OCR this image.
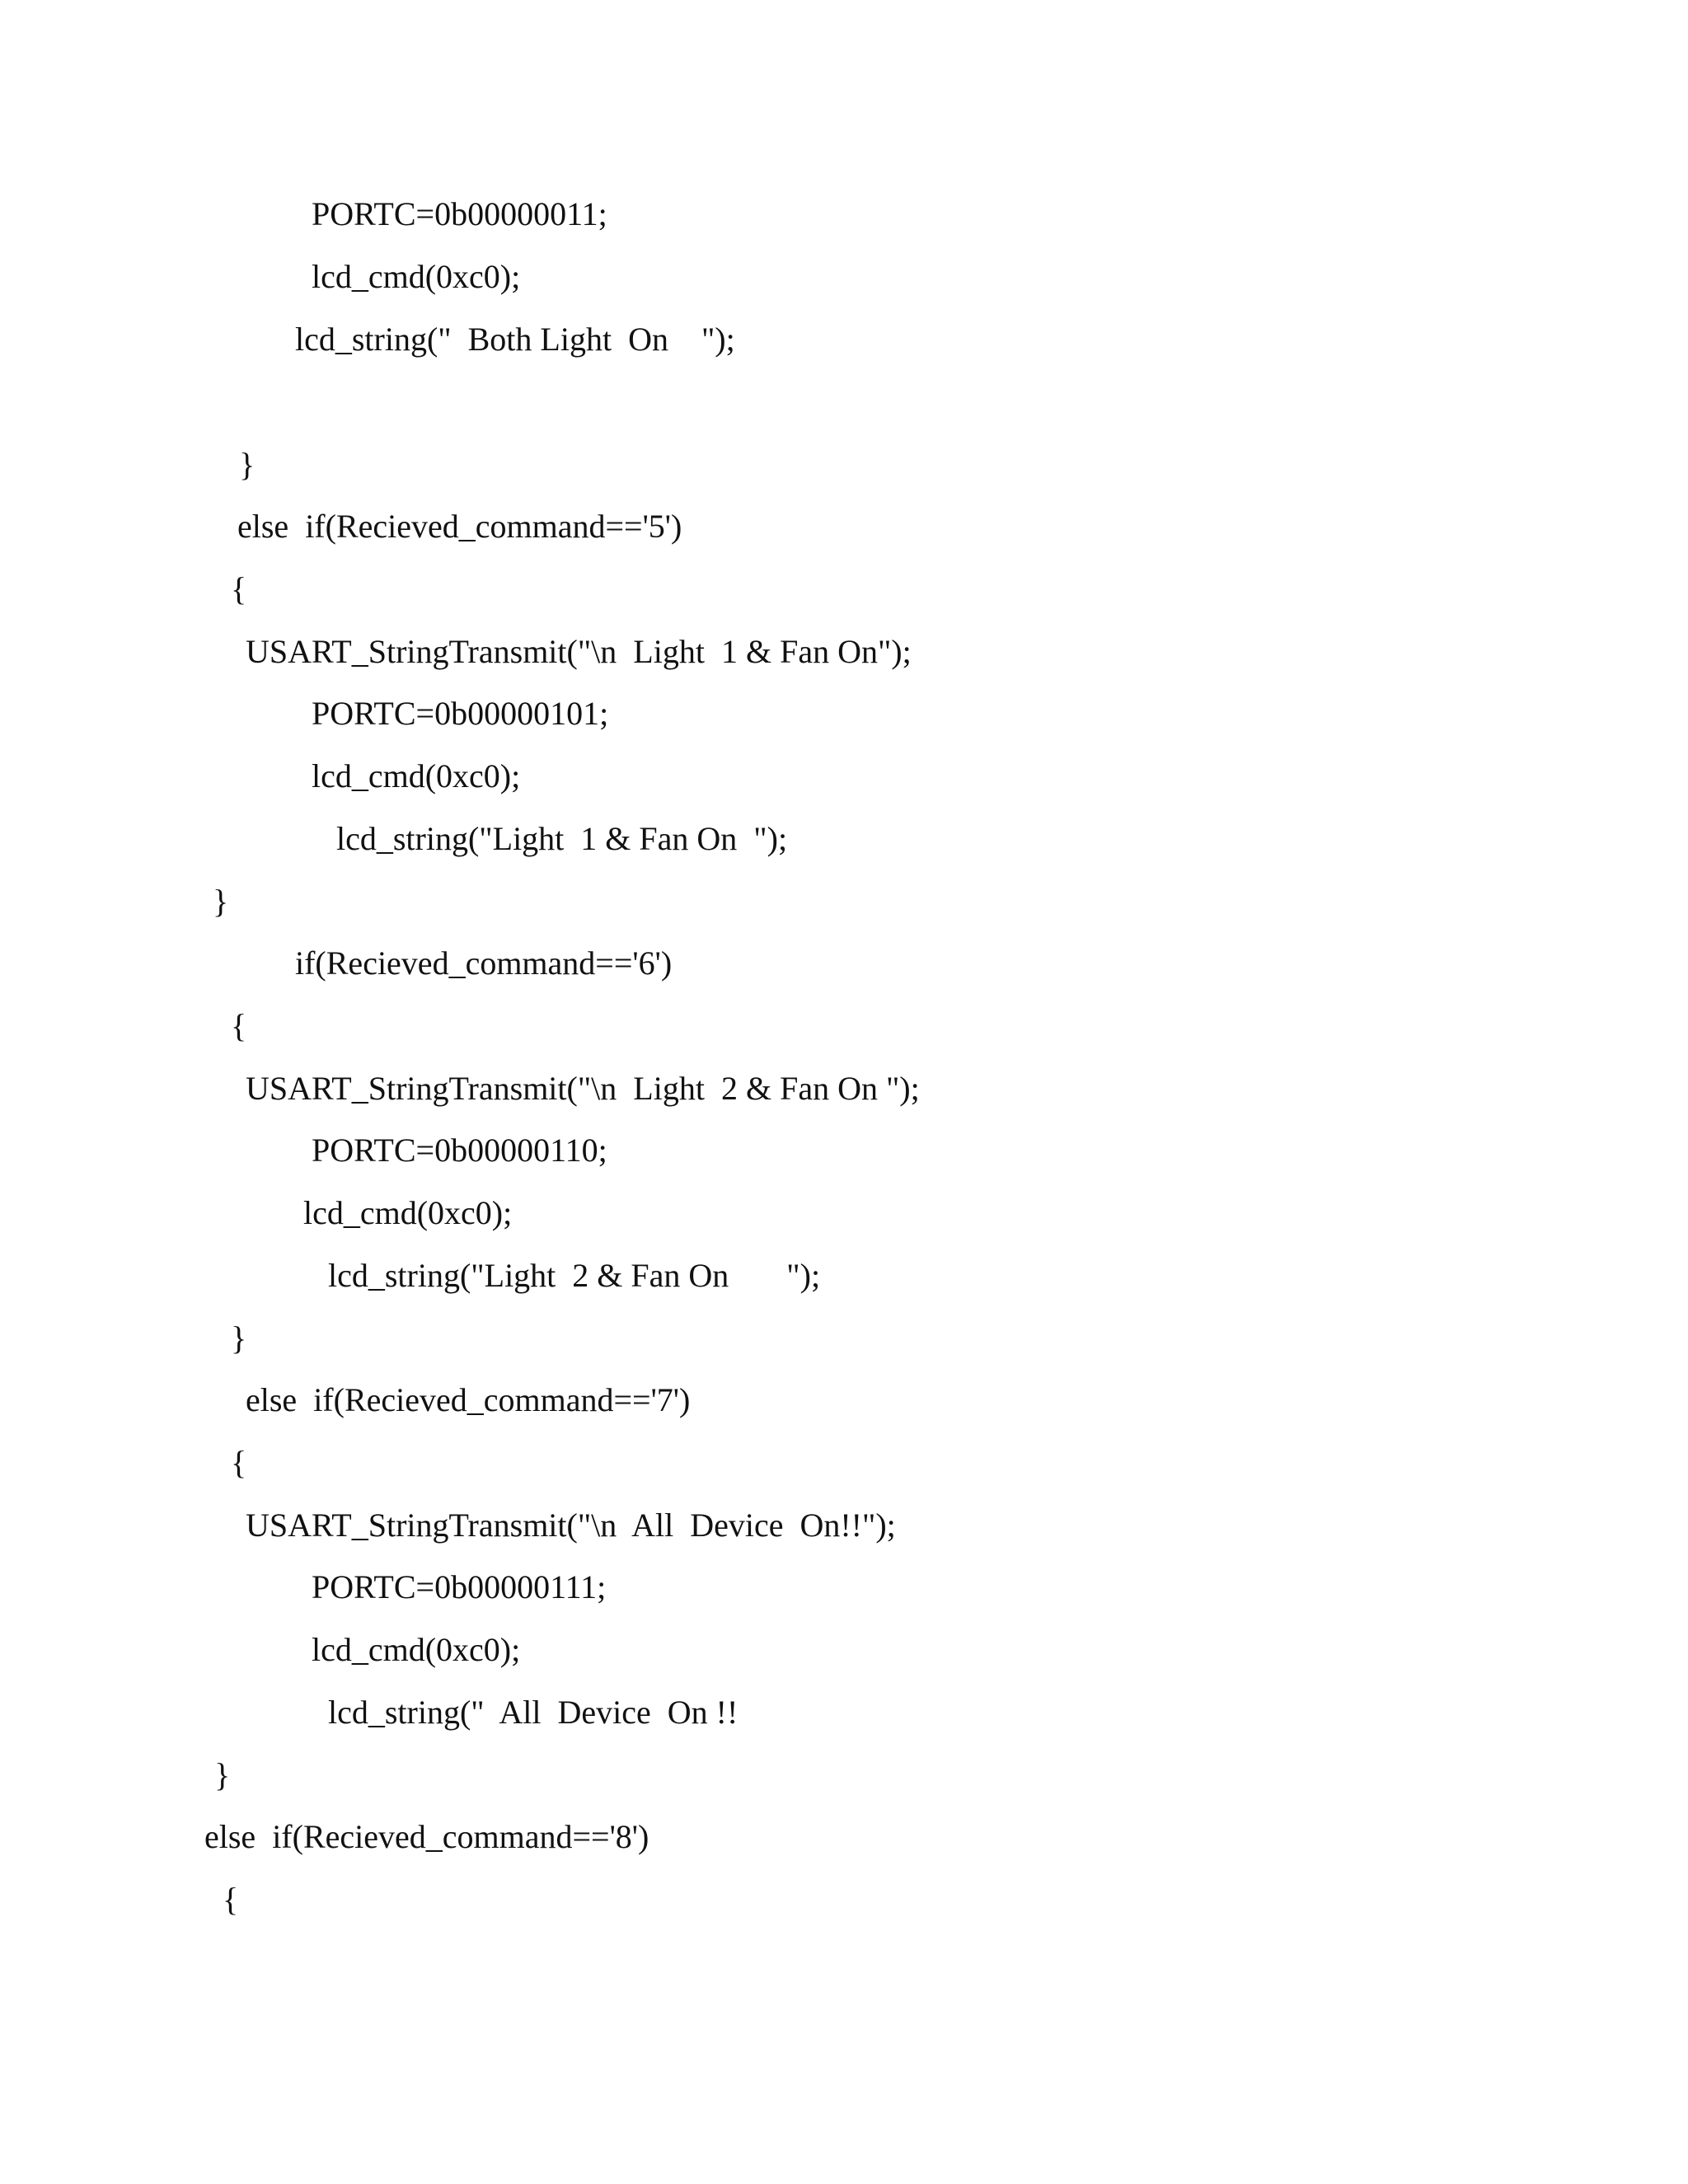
PORTC=0b00000011;
lcd_cmd(0xc0);
lcd_string("  Both Light  On    ");
}
else  if(Recieved_command=='5')
{
USART_StringTransmit("\n  Light  1 & Fan On");
PORTC=0b00000101;
lcd_cmd(0xc0);
lcd_string("Light  1 & Fan On  ");
}
if(Recieved_command=='6')
{
USART_StringTransmit("\n  Light  2 & Fan On ");
PORTC=0b00000110;
lcd_cmd(0xc0);
lcd_string("Light  2 & Fan On       ");
}
else  if(Recieved_command=='7')
{
USART_StringTransmit("\n  All  Device  On!!");
PORTC=0b00000111;
lcd_cmd(0xc0);
lcd_string("  All  Device  On !!
}
else  if(Recieved_command=='8')
{
